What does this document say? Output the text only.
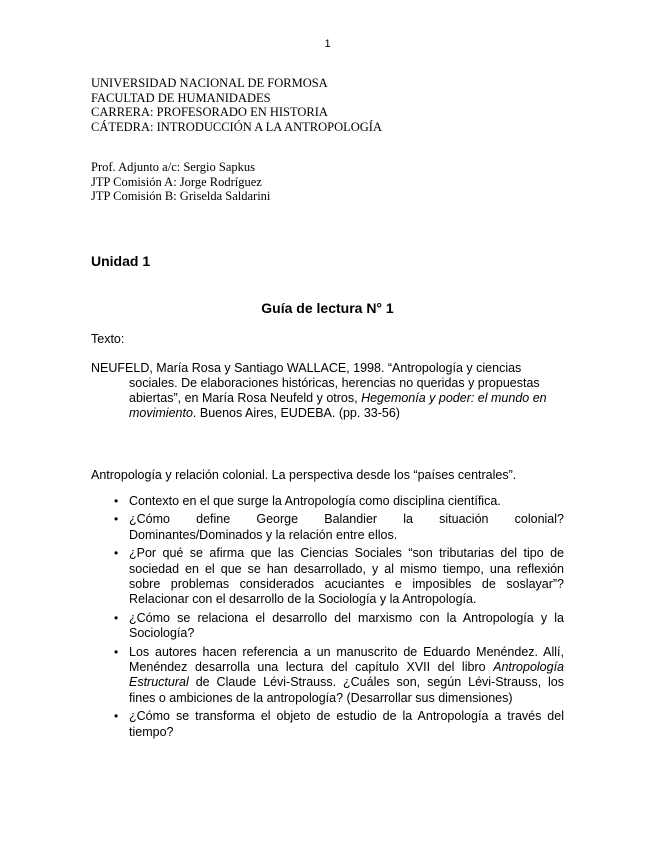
1
UNIVERSIDAD NACIONAL DE FORMOSA
FACULTAD DE HUMANIDADES
CARRERA: PROFESORADO EN HISTORIA
CÁTEDRA: INTRODUCCIÓN A LA ANTROPOLOGÍA
Prof. Adjunto a/c: Sergio Sapkus
JTP Comisión A: Jorge Rodríguez
JTP Comisión B: Griselda Saldarini
Unidad 1
Guía de lectura N° 1
Texto:
NEUFELD, María Rosa y Santiago WALLACE, 1998. “Antropología y ciencias sociales. De elaboraciones históricas, herencias no queridas y propuestas abiertas”, en María Rosa Neufeld y otros, Hegemonía y poder: el mundo en movimiento. Buenos Aires, EUDEBA. (pp. 33-56)
Antropología y relación colonial. La perspectiva desde los “países centrales”.
• Contexto en el que surge la Antropología como disciplina científica.
• ¿Cómo define George Balandier la situación colonial? Dominantes/Dominados y la relación entre ellos.
• ¿Por qué se afirma que las Ciencias Sociales “son tributarias del tipo de sociedad en el que se han desarrollado, y al mismo tiempo, una reflexión sobre problemas considerados acuciantes e imposibles de soslayar”? Relacionar con el desarrollo de la Sociología y la Antropología.
• ¿Cómo se relaciona el desarrollo del marxismo con la Antropología y la Sociología?
• Los autores hacen referencia a un manuscrito de Eduardo Menéndez. Allí, Menéndez desarrolla una lectura del capítulo XVII del libro Antropología Estructural de Claude Lévi-Strauss. ¿Cuáles son, según Lévi-Strauss, los fines o ambiciones de la antropología? (Desarrollar sus dimensiones)
• ¿Cómo se transforma el objeto de estudio de la Antropología a través del tiempo?
